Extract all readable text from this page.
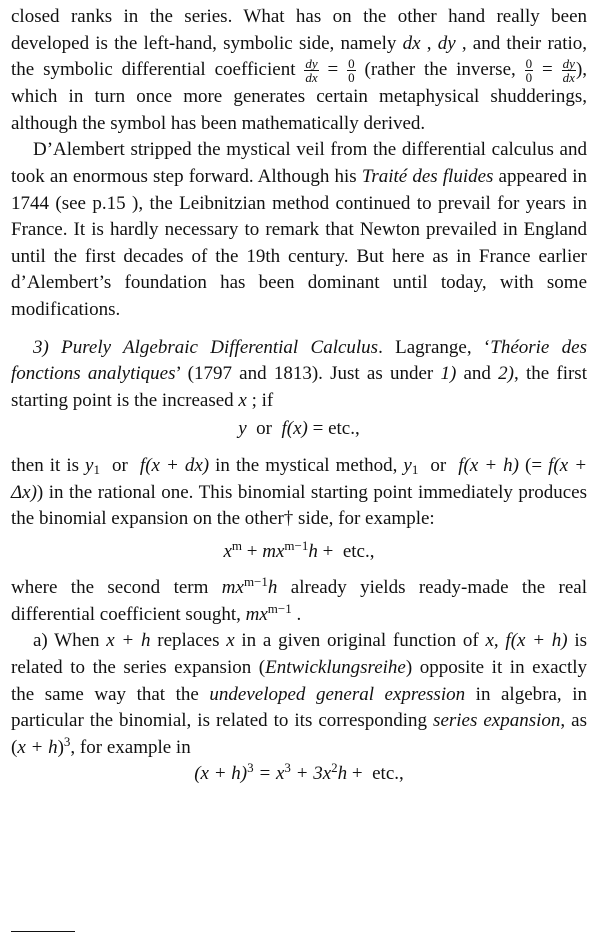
closed ranks in the series. What has on the other hand really been developed is the left-hand, symbolic side, namely dx , dy , and their ratio, the symbolic differential coefficient $\frac{dy}{dx} = \frac{0}{0}$ (rather the inverse, $\frac{0}{0} = \frac{dy}{dx}$ ), which in turn once more generates certain metaphysical shudderings, although the symbol has been mathematically derived.

D’Alembert stripped the mystical veil from the differential calculus and took an enormous step forward. Although his Traité des fluides appeared in 1744 (see p.15 ), the Leibnitzian method continued to prevail for years in France. It is hardly necessary to remark that Newton prevailed in England until the first decades of the 19th century. But here as in France earlier d’Alembert’s foundation has been dominant until today, with some modifications.

3) Purely Algebraic Differential Calculus. Lagrange, ‘Théorie des fonctions analytiques’ (1797 and 1813). Just as under 1) and 2), the first starting point is the increased x ; if

y  or  f(x) = etc.,

then it is $y_1$  or  f(x + dx) in the mystical method, $y_1$  or  f(x + h) (= f(x + Δx)) in the rational one. This binomial starting point immediately produces the binomial expansion on the other† side, for example:

$x^m + mx^{m-1}h$ +  etc.,

where the second term $mx^{m-1}h$ already yields ready-made the real differential coefficient sought, $mx^{m-1}$ .

a) When x + h replaces x in a given original function of x, f(x + h) is related to the series expansion (Entwicklungsreihe) opposite it in exactly the same way that the undeveloped general expression in algebra, in particular the binomial, is related to its corresponding series expansion, as $(x + h)^3$, for example in

$(x + h)^3 = x^3 + 3x^2h$ +  etc.,
